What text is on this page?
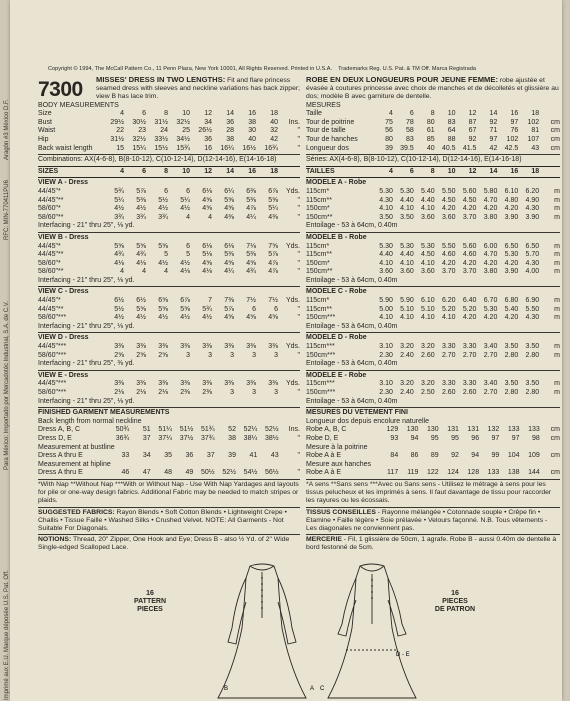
Copyright © 1994, The McCall Pattern Co., 11 Penn Plaza, New York 10001, All Rights Reserved. Printed in U.S.A. Trademarks Reg. U.S. Pat. & TM Off. Marca Registrada
7300
Imprimé aux E.U. Marque déposée U.S. Pat. Off.
Para México: Importado por Mercadotéc Industrial, S.A. de C.V.
RFC: MIN-770411PU6
Aragón #3 México D.F.
MISSES' DRESS IN TWO LENGTHS: Fit and flare princess seamed dress with sleeves and neckline variations has back zipper; view B has lace trim.
BODY MEASUREMENTS
Size	4	6	8	10	12	14	16	18
Bust	29½	30½	31½	32½	34	36	38	40	Ins.
Waist	22	23	24	25	26½	28	30	32	"
Hip	31½	32½	33½	34½	36	38	40	42	"
Back waist length	15	15¼	15½	15¾	16	16¼	16½	16¾	"
Combinations: AX(4-6-8), B(8-10-12), C(10-12-14), D(12-14-16), E(14-16-18)
SIZES	4	6	8	10	12	14	16	18
VIEW A - Dress
44/45"*	5¾	5⅞	6	6	6⅛	6¼	6⅜	6⅞	Yds.
44/45"**	5¼	5⅜	5½	5¼	4⅝	5⅝	5⅜	5⅝	"
58/60"*	4½	4½	4½	4½	4⅝	4⅝	4⅞	5¼	"
58/60"**	3¾	3¾	3¾	4	4	4⅜	4¼	4⅜	"
Interfacing - 21" thru 25", ⅛ yd.
VIEW B - Dress
44/45"*	5⅝	5⅝	5⅝	6	6⅛	6⅛	7⅛	7⅝	Yds.
44/45"**	4¾	4¾	5	5	5⅛	5⅜	5⅜	5⅞	"
58/60"*	4⅛	4⅛	4½	4½	4⅝	4⅝	4⅝	4⅞	"
58/60"**	4	4	4	4⅛	4⅛	4¼	4¾	4⅞	"
Interfacing - 21" thru 25", ⅛ yd.
VIEW C - Dress
44/45"*	6½	6½	6⅝	6⅞	7	7⅜	7½	7½	Yds.
44/45"**	5½	5⅝	5⅝	5⅝	5¾	5⅞	6	6	"
58/60"***	4½	4½	4½	4½	4½	4⅝	4⅝	4⅝	"
Interfacing - 21" thru 25", ⅛ yd.
VIEW D - Dress
44/45"***	3⅜	3⅜	3⅜	3⅜	3⅜	3⅜	3⅜	3⅜	Yds.
58/60"***	2⅝	2⅝	2⅝	3	3	3	3	3	"
Interfacing - 21" thru 25", ⅜ yd.
VIEW E - Dress
44/45"***	3⅜	3⅜	3⅜	3⅜	3⅜	3⅜	3⅜	3⅜	Yds.
58/60"***	2⅛	2⅛	2⅛	2⅜	2⅜	3	3	3	"
Interfacing - 21" thru 25", ⅛ yd.
FINISHED GARMENT MEASUREMENTS
Back length from normal neckline
Dress A, B, C	50¾	51	51¼	51½	51¾	52	52¼	52½	Ins.
Dress D, E	36¾	37	37¼	37½	37¾	38	38¼	38½	"
Measurement at bustline
Dress A thru E	33	34	35	36	37	39	41	43	"
Measurement at hipline
Dress A thru E	46	47	48	49	50½	52½	54½	56½	"
*With Nap **Without Nap ***With or Without Nap - Use With Nap Yardages and layouts for pile or one-way design fabrics. Additional Fabric may be needed to match stripes or plaids.
SUGGESTED FABRICS: Rayon Blends • Soft Cotton Blends • Lightweight Crepe • Challis • Tissue Faille • Washed Silks • Crushed Velvet. NOTE: All Garments - Not Suitable For Diagonals.
NOTIONS: Thread, 20" Zipper, One Hook and Eye; Dress B - also ½ Yd. of 2" Wide Single-edged Scalloped Lace.
ROBE EN DEUX LONGUEURS POUR JEUNE FEMME: robe ajustée et évasée à coutures princesse avec choix de manches et de décolletés et glissière au dos; modèle B avec garniture de dentelle.
MESURES
Taille	4	6	8	10	12	14	16	18
Tour de poitrine	75	78	80	83	87	92	97	102	cm
Tour de taille	56	58	61	64	67	71	76	81	cm
Tour de hanches	80	83	85	88	92	97	102	107	cm
Longueur dos	39	39.5	40	40.5	41.5	42	42.5	43	cm
Séries: AX(4-6-8), B(8-10-12), C(10-12-14), D(12-14-16), E(14-16-18)
TAILLES	4	6	8	10	12	14	16	18
MODELE A - Robe
115cm*	5.30	5.30	5.40	5.50	5.60	5.80	6.10	6.20	m
115cm**	4.30	4.40	4.40	4.50	4.50	4.70	4.80	4.90	m
150cm*	4.10	4.10	4.10	4.20	4.20	4.20	4.20	4.30	m
150cm**	3.50	3.50	3.60	3.60	3.70	3.80	3.90	3.90	m
Entoilage - 53 à 64cm, 0.40m
MODELE B - Robe
115cm*	5.30	5.30	5.30	5.50	5.60	6.00	6.50	6.50	m
115cm**	4.40	4.40	4.50	4.60	4.60	4.70	5.30	5.70	m
150cm*	4.10	4.10	4.10	4.20	4.20	4.20	4.20	4.30	m
150cm**	3.60	3.60	3.60	3.70	3.70	3.80	3.90	4.00	m
Entoilage - 53 à 64cm, 0.40m
MODELE C - Robe
115cm*	5.90	5.90	6.10	6.20	6.40	6.70	6.80	6.90	m
115cm**	5.00	5.10	5.10	5.20	5.20	5.30	5.40	5.50	m
150cm***	4.10	4.10	4.10	4.10	4.20	4.20	4.20	4.30	m
Entoilage - 53 à 64cm, 0.40m
MODELE D - Robe
115cm***	3.10	3.20	3.20	3.30	3.30	3.40	3.50	3.50	m
150cm***	2.30	2.40	2.60	2.70	2.70	2.70	2.80	2.80	m
Entoilage - 53 à 64cm, 0.40m
MODELE E - Robe
115cm***	3.10	3.20	3.20	3.30	3.30	3.40	3.50	3.50	m
150cm***	2.30	2.40	2.50	2.60	2.60	2.70	2.80	2.80	m
Entoilage - 53 à 64cm, 0.40m
MESURES DU VETEMENT FINI
Longueur dos depuis encolure naturelle
Robe A, B, C	129	130	130	131	131	132	133	133	cm
Robe D, E	93	94	95	95	96	97	97	98	cm
Mesure à la poitrine
Robe A à E	84	86	89	92	94	99	104	109	cm
Mesure aux hanches
Robe A à E	117	119	122	124	128	133	138	144	cm
*A sens **Sans sens ***Avec ou Sans sens - Utilisez le métrage à sens pour les tissus pelucheux et les imprimés à sens. Il faut davantage de tissu pour raccorder les rayures ou les écossais.
TISSUS CONSEILLES - Rayonne mélangée • Cotonnade souple • Crêpe fin • Etamine • Faille légère • Soie prélavée • Velours façonné. N.B. Tous vêtements - Les diagonales ne conviennent pas.
MERCERIE - Fil, 1 glissière de 50cm, 1 agrafe. Robe B - aussi 0.40m de dentelle à bord festonné de 5cm.
A
B	C
D - E
16
PATTERN
PIECES
16
PIECES
DE PATRON
